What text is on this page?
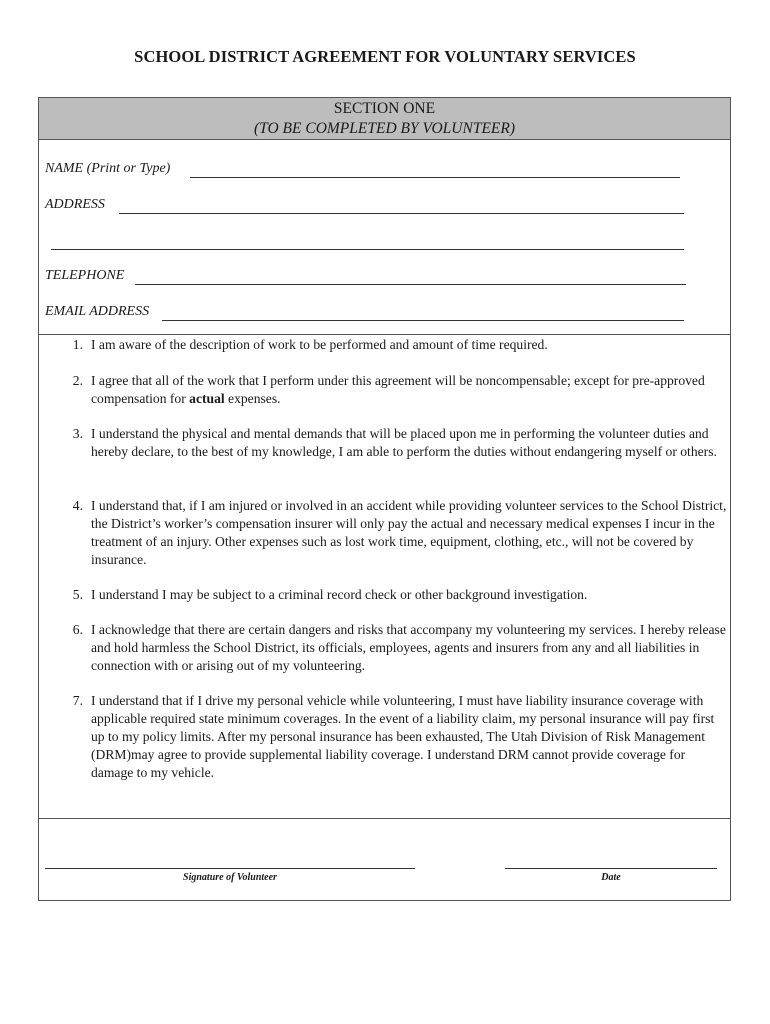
SCHOOL DISTRICT AGREEMENT FOR VOLUNTARY SERVICES
SECTION ONE
(TO BE COMPLETED BY VOLUNTEER)
NAME (Print or Type)
ADDRESS
TELEPHONE
EMAIL ADDRESS
1. I am aware of the description of work to be performed and amount of time required.
2. I agree that all of the work that I perform under this agreement will be noncompensable; except for pre-approved compensation for actual expenses.
3. I understand the physical and mental demands that will be placed upon me in performing the volunteer duties and hereby declare, to the best of my knowledge, I am able to perform the duties without endangering myself or others.
4. I understand that, if I am injured or involved in an accident while providing volunteer services to the School District, the District’s worker’s compensation insurer will only pay the actual and necessary medical expenses I incur in the treatment of an injury. Other expenses such as lost work time, equipment, clothing, etc., will not be covered by insurance.
5. I understand I may be subject to a criminal record check or other background investigation.
6. I acknowledge that there are certain dangers and risks that accompany my volunteering my services. I hereby release and hold harmless the School District, its officials, employees, agents and insurers from any and all liabilities in connection with or arising out of my volunteering.
7. I understand that if I drive my personal vehicle while volunteering, I must have liability insurance coverage with applicable required state minimum coverages. In the event of a liability claim, my personal insurance will pay first up to my policy limits. After my personal insurance has been exhausted, The Utah Division of Risk Management (DRM)may agree to provide supplemental liability coverage. I understand DRM cannot provide coverage for damage to my vehicle.
Signature of Volunteer	Date
